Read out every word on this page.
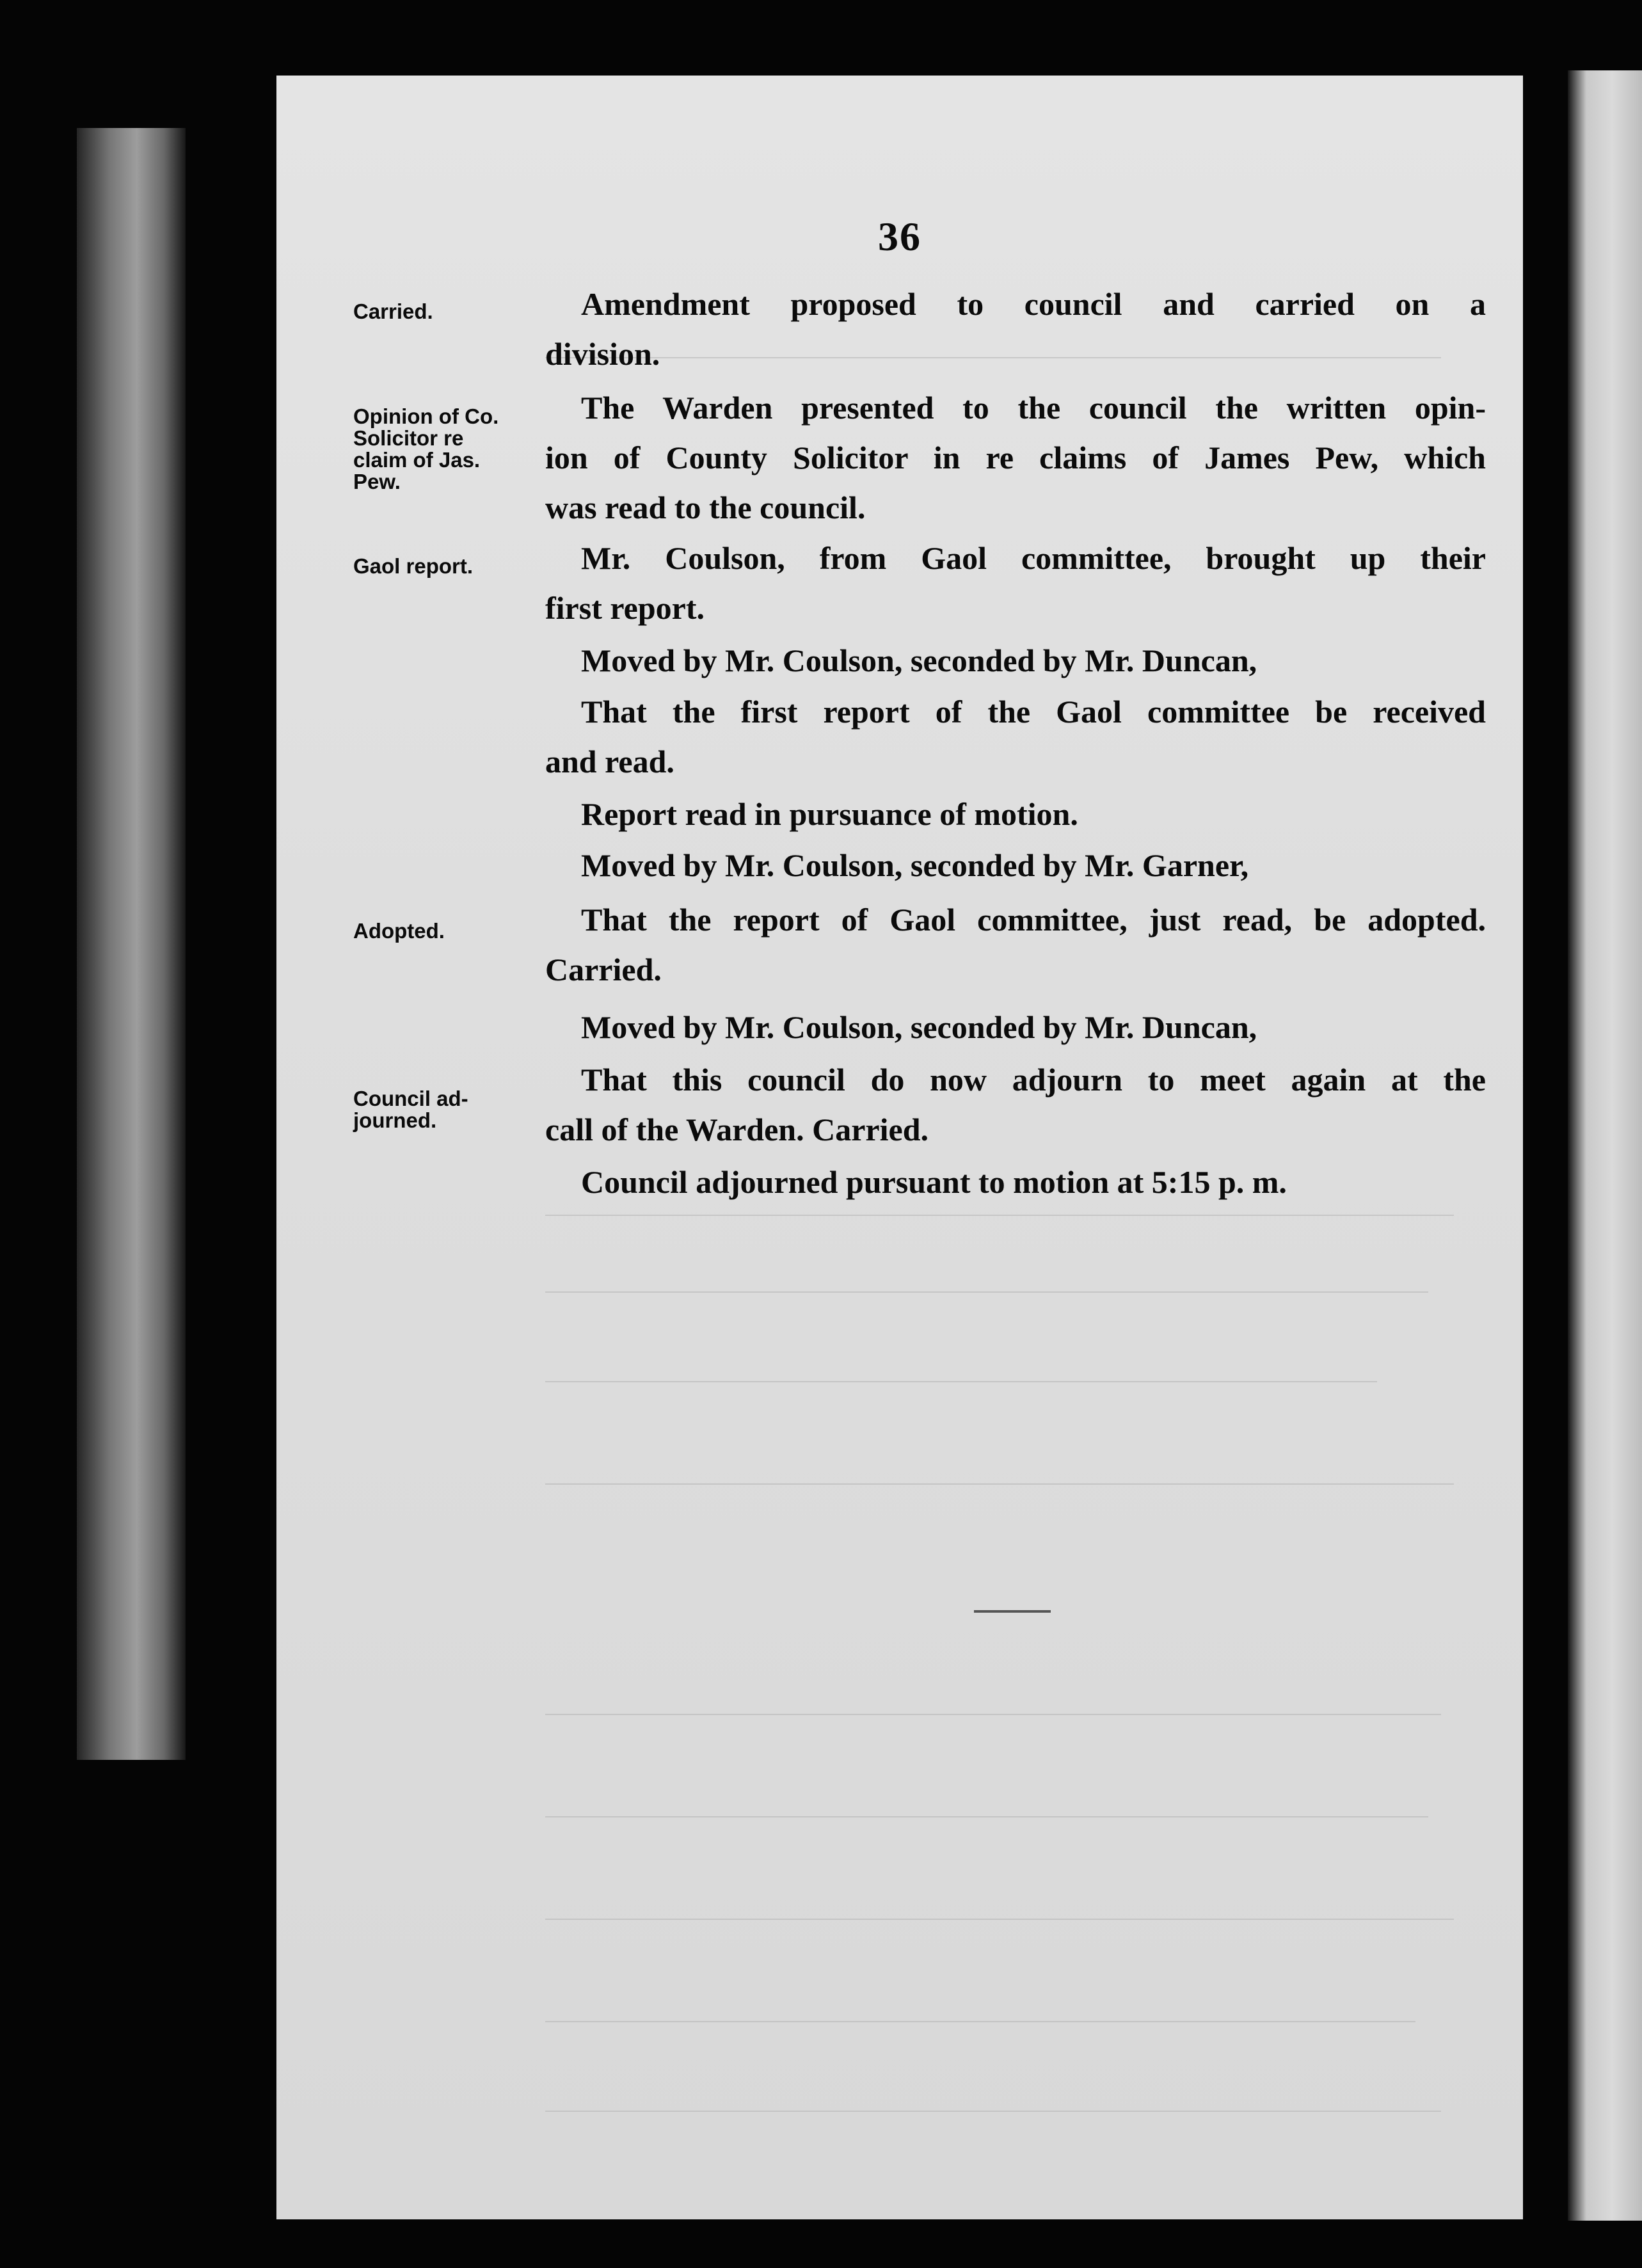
36
Carried.
Opinion of Co.
Solicitor re
claim of Jas.
Pew.
Gaol report.
Adopted.
Council ad-
journed.
Amendment proposed to council and carried on a
division.
The Warden presented to the council the written opin-
ion of County Solicitor in re claims of James Pew, which
was read to the council.
Mr. Coulson, from Gaol committee, brought up their
first report.
Moved by Mr. Coulson, seconded by Mr. Duncan,
That the first report of the Gaol committee be received
and read.
Report read in pursuance of motion.
Moved by Mr. Coulson, seconded by Mr. Garner,
That the report of Gaol committee, just read, be adopted.
Carried.
Moved by Mr. Coulson, seconded by Mr. Duncan,
That this council do now adjourn to meet again at the
call of the Warden. Carried.
Council adjourned pursuant to motion at 5:15 p. m.
